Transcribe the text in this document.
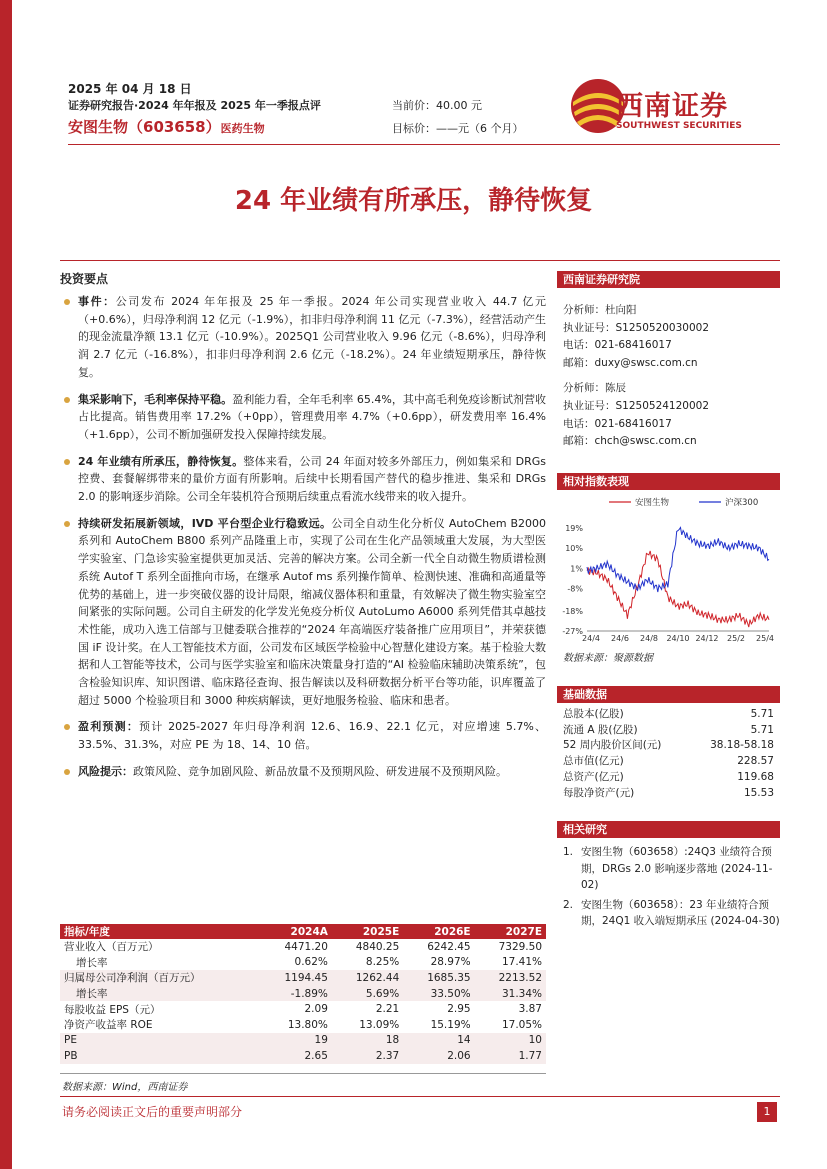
2025 年 04 月 18 日
证券研究报告·2024 年年报及 2025 年一季报点评
安图生物（603658）医药生物
当前价：40.00 元
目标价：——元（6 个月）
西南证券
SOUTHWEST SECURITIES
24 年业绩有所承压，静待恢复
投资要点
事件：公司发布 2024 年年报及 25 年一季报。2024 年公司实现营业收入 44.7 亿元（+0.6%），归母净利润 12 亿元（-1.9%），扣非归母净利润 11 亿元（-7.3%），经营活动产生的现金流量净额 13.1 亿元（-10.9%）。2025Q1 公司营业收入 9.96 亿元（-8.6%），归母净利润 2.7 亿元（-16.8%），扣非归母净利润 2.6 亿元（-18.2%）。24 年业绩短期承压，静待恢复。
集采影响下，毛利率保持平稳。盈利能力看，全年毛利率 65.4%，其中高毛利免疫诊断试剂营收占比提高。销售费用率 17.2%（+0pp），管理费用率 4.7%（+0.6pp），研发费用率 16.4%（+1.6pp），公司不断加强研发投入保障持续发展。
24 年业绩有所承压，静待恢复。整体来看，公司 24 年面对较多外部压力，例如集采和 DRGs 控费、套餐解绑带来的量价方面有所影响。后续中长期看国产替代的稳步推进、集采和 DRGs 2.0 的影响逐步消除。公司全年装机符合预期后续重点看流水线带来的收入提升。
持续研发拓展新领域，IVD 平台型企业行稳致远。公司全自动生化分析仪 AutoChem B2000 系列和 AutoChem B800 系列产品隆重上市，实现了公司在生化产品领域重大发展，为大型医学实验室、门急诊实验室提供更加灵活、完善的解决方案。公司全新一代全自动微生物质谱检测系统 Autof T 系列全面推向市场，在继承 Autof ms 系列操作简单、检测快速、准确和高通量等优势的基础上，进一步突破仪器的设计局限，缩减仪器体积和重量，有效解决了微生物实验室空间紧张的实际问题。公司自主研发的化学发光免疫分析仪 AutoLumo A6000 系列凭借其卓越技术性能，成功入选工信部与卫健委联合推荐的“2024 年高端医疗装备推广应用项目”，并荣获德国 iF 设计奖。在人工智能技术方面，公司发布区域医学检验中心智慧化建设方案。基于检验大数据和人工智能等技术，公司与医学实验室和临床决策量身打造的“AI 检验临床辅助决策系统”，包含检验知识库、知识图谱、临床路径查询、报告解读以及科研数据分析平台等功能，识库覆盖了超过 5000 个检验项目和 3000 种疾病解读，更好地服务检验、临床和患者。
盈利预测：预计 2025-2027 年归母净利润 12.6、16.9、22.1 亿元，对应增速 5.7%、33.5%、31.3%，对应 PE 为 18、14、10 倍。
风险提示：政策风险、竞争加剧风险、新品放量不及预期风险、研发进展不及预期风险。
指标/年度	2024A	2025E	2026E	2027E
营业收入（百万元）	4471.20	4840.25	6242.45	7329.50
增长率	0.62%	8.25%	28.97%	17.41%
归属母公司净利润（百万元）	1194.45	1262.44	1685.35	2213.52
增长率	-1.89%	5.69%	33.50%	31.34%
每股收益 EPS（元）	2.09	2.21	2.95	3.87
净资产收益率 ROE	13.80%	13.09%	15.19%	17.05%
PE	19	18	14	10
PB	2.65	2.37	2.06	1.77
数据来源：Wind，西南证券
西南证券研究院
分析师：杜向阳
执业证号：S1250520030002
电话：021-68416017
邮箱：duxy@swsc.com.cn
分析师：陈辰
执业证号：S1250524120002
电话：021-68416017
邮箱：chch@swsc.com.cn
相对指数表现
安图生物	沪深300
19%
10%
1%
-8%
-18%
-27%
24/4 24/6 24/8 24/10 24/12 25/2 25/4
数据来源：聚源数据
基础数据
总股本(亿股)	5.71
流通 A 股(亿股)	5.71
52 周内股价区间(元)	38.18-58.18
总市值(亿元)	228.57
总资产(亿元)	119.68
每股净资产(元)	15.53
相关研究
1. 安图生物（603658）:24Q3 业绩符合预期，DRGs 2.0 影响逐步落地 (2024-11-02)
2. 安图生物（603658）：23 年业绩符合预期，24Q1 收入端短期承压 (2024-04-30)
请务必阅读正文后的重要声明部分	1
